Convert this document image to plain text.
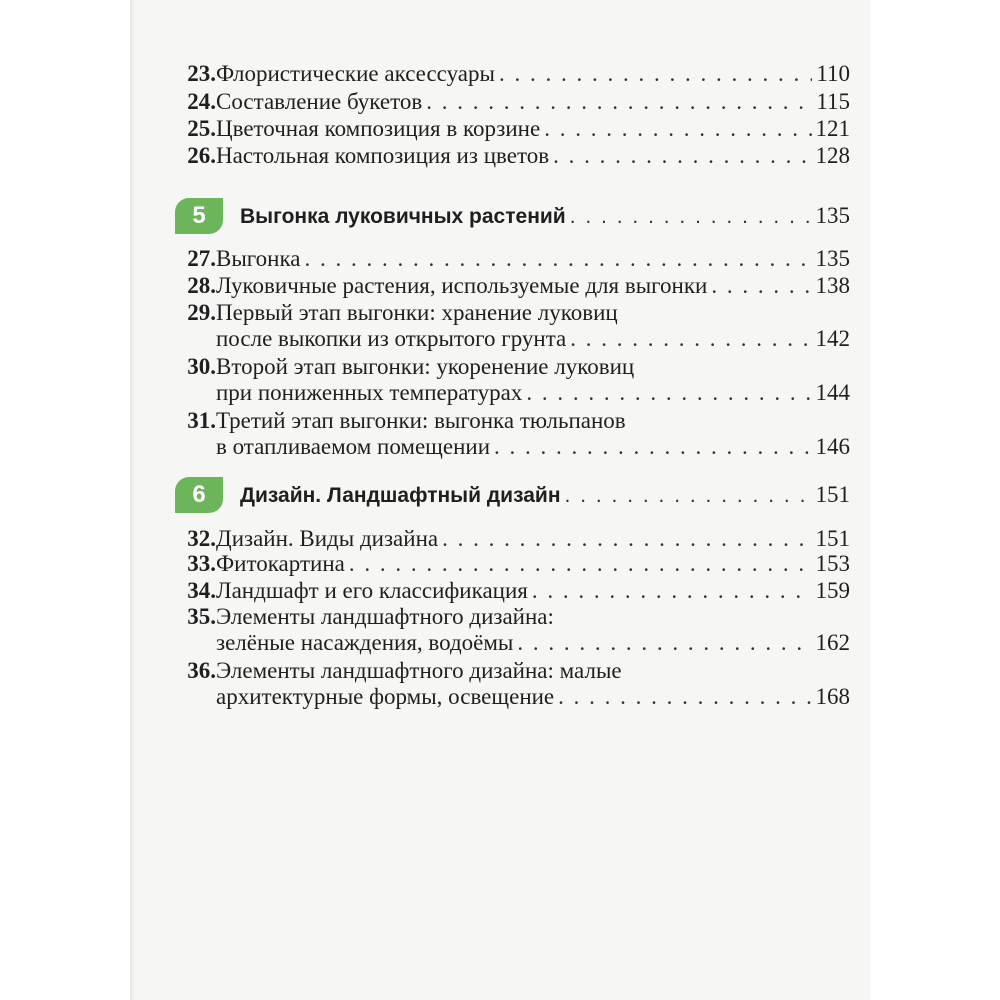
23 . Флористические аксессуары . . .	110
24 . Составление букетов . . .	115
25 . Цветочная композиция в корзине . . .	121
26 . Настольная композиция из цветов . . .	128
5	Выгонка луковичных растений . . .	135
27 . Выгонка . . .	135
28 . Луковичные растения, используемые для выгонки . . .	138
29 . Первый этап выгонки: хранение луковиц
после выкопки из открытого грунта . . .	142
30 . Второй этап выгонки: укоренение луковиц
при пониженных температурах . . .	144
31 . Третий этап выгонки: выгонка тюльпанов
в отапливаемом помещении . . .	146
6	Дизайн. Ландшафтный дизайн . . .	151
32 . Дизайн. Виды дизайна . . .	151
33 . Фитокартина . . .	153
34 . Ландшафт и его классификация . . .	159
35 . Элементы ландшафтного дизайна:
зелёные насаждения, водоёмы . . .	162
36 . Элементы ландшафтного дизайна: малые
архитектурные формы, освещение . . .	168
